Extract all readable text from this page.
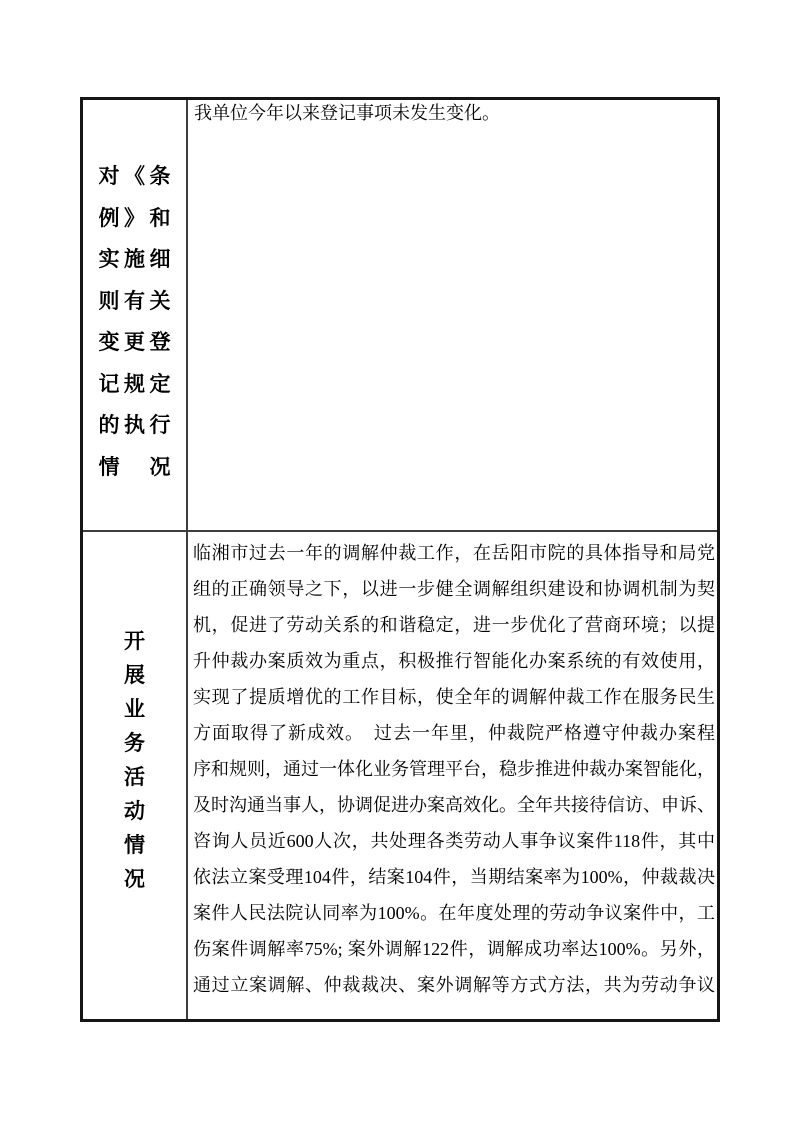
对《条
例》和
实施细
则有关
变更登
记规定
的执行
情　况
我单位今年以来登记事项未发生变化。
开
展
业
务
活
动
情
况
临湘市过去一年的调解仲裁工作，在岳阳市院的具体指导和局党
组的正确领导之下，以进一步健全调解组织建设和协调机制为契
机，促进了劳动关系的和谐稳定，进一步优化了营商环境；以提
升仲裁办案质效为重点，积极推行智能化办案系统的有效使用，
实现了提质增优的工作目标，使全年的调解仲裁工作在服务民生
方面取得了新成效。　过去一年里，仲裁院严格遵守仲裁办案程
序和规则，通过一体化业务管理平台，稳步推进仲裁办案智能化，
及时沟通当事人，协调促进办案高效化。全年共接待信访、申诉、
咨询人员近600人次，共处理各类劳动人事争议案件118件，其中
依法立案受理104件，结案104件，当期结案率为100%，仲裁裁决
案件人民法院认同率为100%。在年度处理的劳动争议案件中，工
伤案件调解率75%; 案外调解122件，调解成功率达100%。另外，
通过立案调解、仲裁裁决、案外调解等方式方法，共为劳动争议
